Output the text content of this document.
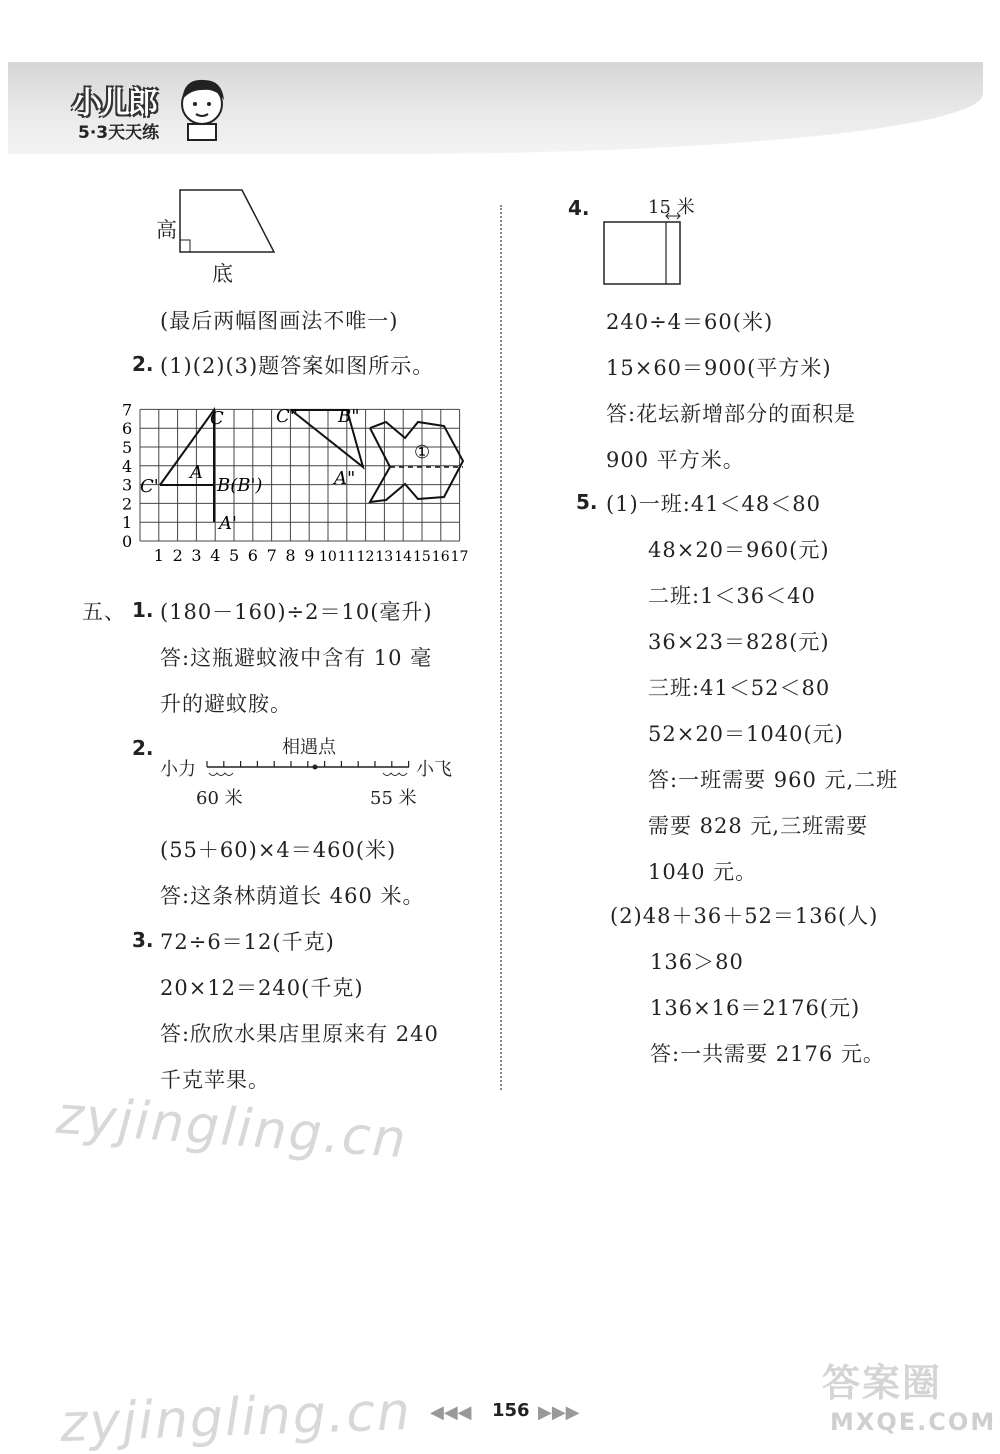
小儿郎
5·3天天练
高
底
(最后两幅图画法不唯一)
2. (1)(2)(3)题答案如图所示。
0
1
2
3
4
5
6
7
1 2 3 4 5 6 7 8 9 10 11 12 13 14 15 16 17
C
C'
A
B(B')
A'
C" B"
A"
①
五、 1. (180－160)÷2＝10(毫升)
答:这瓶避蚊液中含有 10 毫
升的避蚊胺。
2.	相遇点
小力	小飞
60 米	55 米
(55＋60)×4＝460(米)
答:这条林荫道长 460 米。
3. 72÷6＝12(千克)
20×12＝240(千克)
答:欣欣水果店里原来有 240
千克苹果。
4.	15 米
240÷4＝60(米)
15×60＝900(平方米)
答:花坛新增部分的面积是
900 平方米。
5. (1)一班:41＜48＜80
48×20＝960(元)
二班:1＜36＜40
36×23＝828(元)
三班:41＜52＜80
52×20＝1040(元)
答:一班需要 960 元,二班
需要 828 元,三班需要
1040 元。
(2)48＋36＋52＝136(人)
136＞80
136×16＝2176(元)
答:一共需要 2176 元。
zyjingling.cn
zyjingling.cn	答案圈
MXQE.COM
◀◀◀ 156 ▶▶▶
